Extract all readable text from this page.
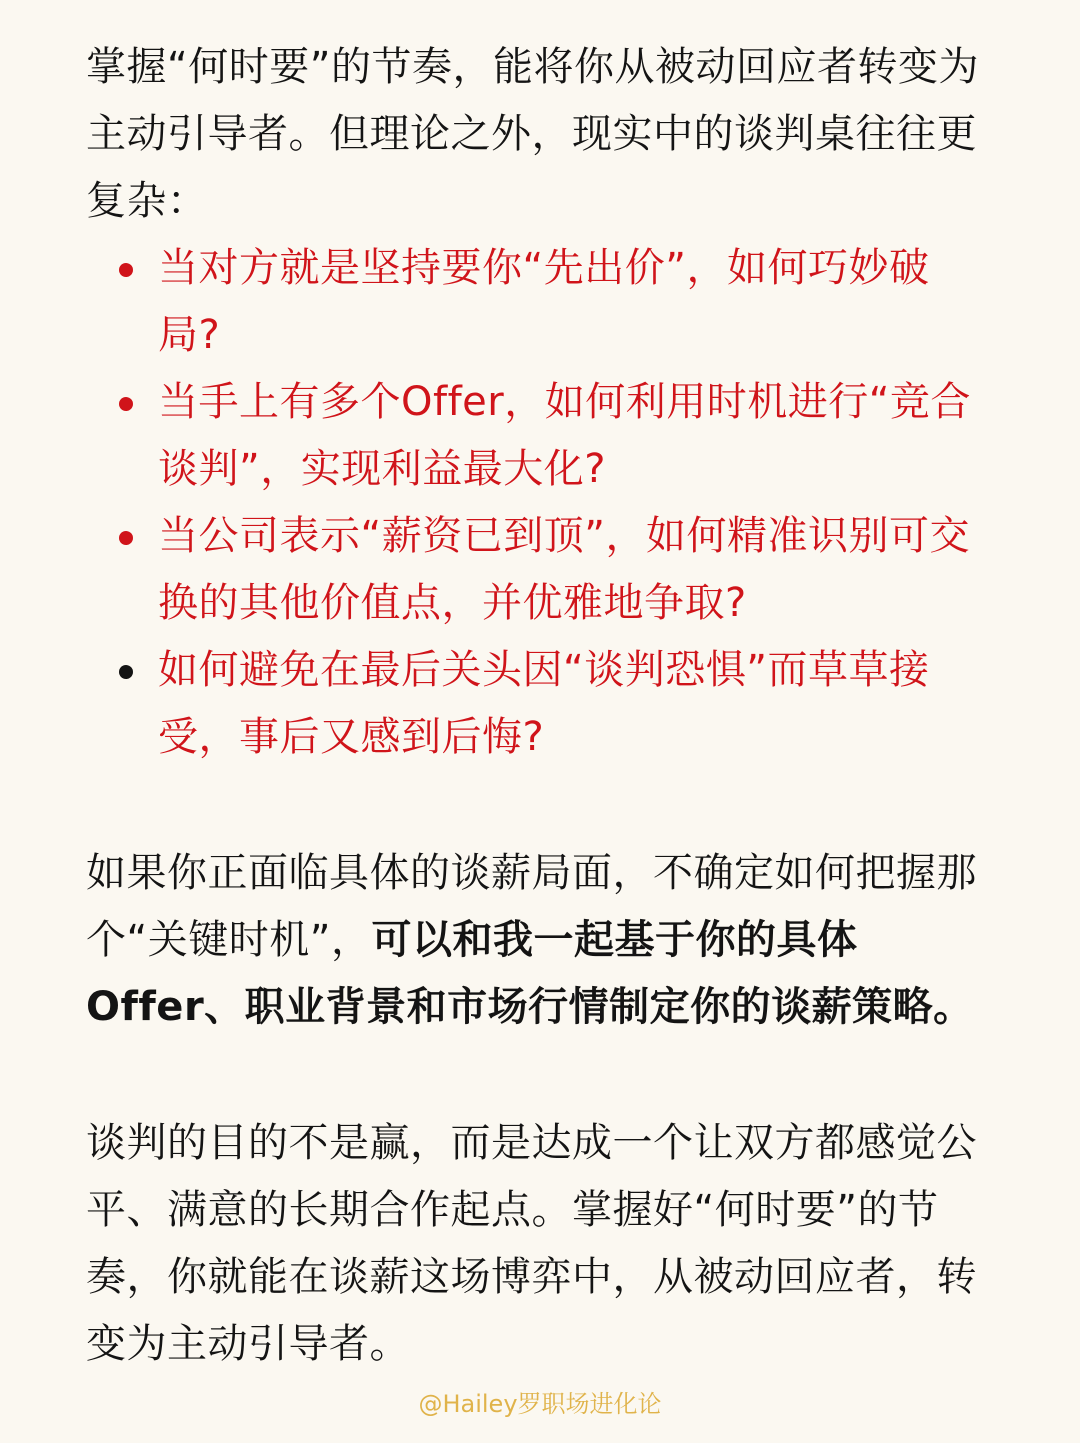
掌握“何时要”的节奏，能将你从被动回应者转变为主动引导者。但理论之外，现实中的谈判桌往往更复杂：

当对方就是坚持要你“先出价”，如何巧妙破局?
当手上有多个Offer，如何利用时机进行“竞合谈判”，实现利益最大化?
当公司表示“薪资已到顶”，如何精准识别可交换的其他价值点，并优雅地争取?
如何避免在最后关头因“谈判恐惧”而草草接受，事后又感到后悔?

如果你正面临具体的谈薪局面，不确定如何把握那个“关键时机”，可以和我一起基于你的具体Offer、职业背景和市场行情制定你的谈薪策略。

谈判的目的不是赢，而是达成一个让双方都感觉公平、满意的长期合作起点。掌握好“何时要”的节奏，你就能在谈薪这场博弈中，从被动回应者，转变为主动引导者。

@Hailey罗职场进化论
